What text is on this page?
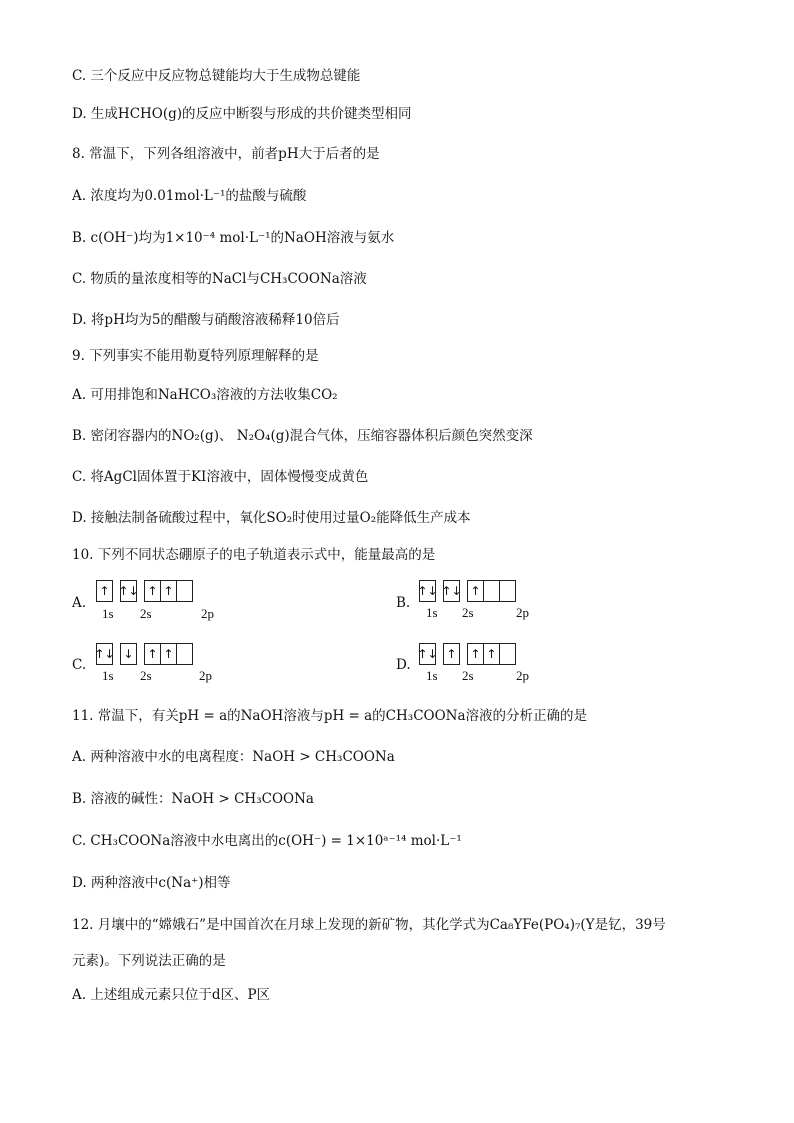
C. 三个反应中反应物总键能均大于生成物总键能
D. 生成HCHO(g)的反应中断裂与形成的共价键类型相同
8. 常温下，下列各组溶液中，前者pH大于后者的是
A. 浓度均为0.01mol·L⁻¹的盐酸与硫酸
B. c(OH⁻)均为1×10⁻⁴ mol·L⁻¹的NaOH溶液与氨水
C. 物质的量浓度相等的NaCl与CH₃COONa溶液
D. 将pH均为5的醋酸与硝酸溶液稀释10倍后
9. 下列事实不能用勒夏特列原理解释的是
A. 可用排饱和NaHCO₃溶液的方法收集CO₂
B. 密闭容器内的NO₂(g)、 N₂O₄(g)混合气体，压缩容器体积后颜色突然变深
C. 将AgCl固体置于KI溶液中，固体慢慢变成黄色
D. 接触法制备硫酸过程中，氧化SO₂时使用过量O₂能降低生产成本
10. 下列不同状态硼原子的电子轨道表示式中，能量最高的是
A.
↑ ↑↓ ↑ ↑
1s 2s	2p
B.
↑↓ ↑↓ ↑
1s 2s	2p
C.
↑↓ ↓ ↑ ↑
1s 2s	2p
D.
↑↓ ↑ ↑ ↑
1s 2s	2p
11. 常温下，有关pH = a的NaOH溶液与pH = a的CH₃COONa溶液的分析正确的是
A. 两种溶液中水的电离程度：NaOH > CH₃COONa
B. 溶液的碱性：NaOH > CH₃COONa
C. CH₃COONa溶液中水电离出的c(OH⁻) = 1×10ᵃ⁻¹⁴ mol·L⁻¹
D. 两种溶液中c(Na⁺)相等
12. 月壤中的“嫦娥石”是中国首次在月球上发现的新矿物，其化学式为Ca₈YFe(PO₄)₇(Y是钇，39号
元素)。下列说法正确的是
A. 上述组成元素只位于d区、P区
